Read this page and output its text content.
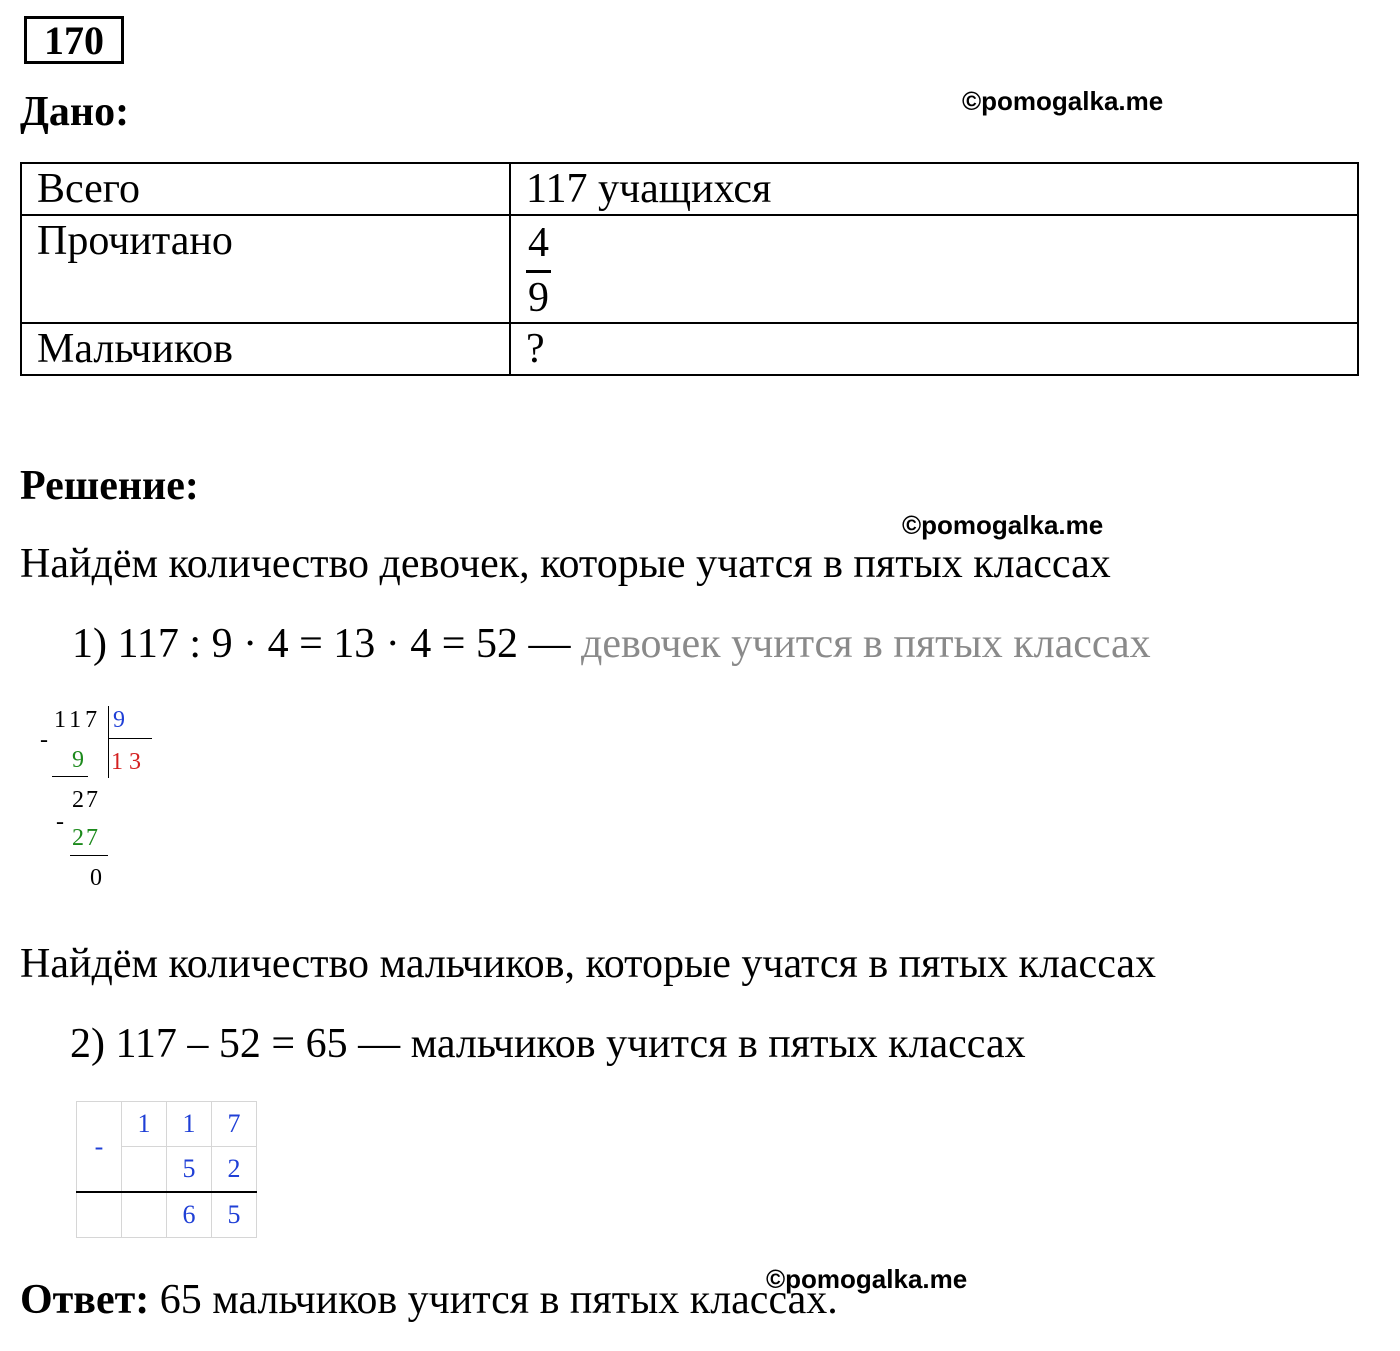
170
Дано:	©pomogalka.me
Всего	117 учащихся
Прочитано	$\frac{4}{9}$

Мальчиков	?
Решение:
©pomogalka.me
Найдём количество девочек, которые учатся в пятых классах
1) 117 : 9 · 4 = 13 · 4 = 52 — девочек учится в пятых классах
117 9
13
-
9
27
-
27
0
Найдём количество мальчиков, которые учатся в пятых классах
2) 117 – 52 = 65 — мальчиков учится в пятых классах
-	1	1	7
		5	2
		6	5
Ответ: 65 мальчиков учится в пятых классах.
©pomogalka.me
